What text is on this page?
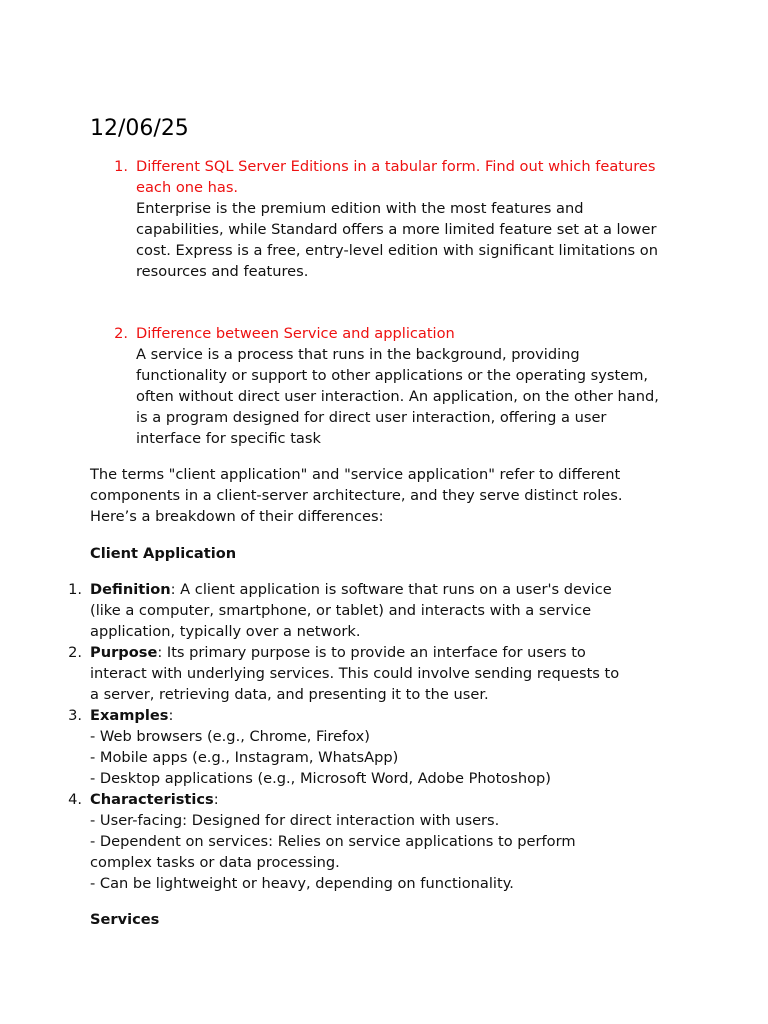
12/06/25
1. Different SQL Server Editions in a tabular form. Find out which features
each one has.
Enterprise is the premium edition with the most features and
capabilities, while Standard offers a more limited feature set at a lower
cost. Express is a free, entry-level edition with significant limitations on
resources and features.
2. Difference between Service and application
A service is a process that runs in the background, providing
functionality or support to other applications or the operating system,
often without direct user interaction. An application, on the other hand,
is a program designed for direct user interaction, offering a user
interface for specific task
The terms "client application" and "service application" refer to different
components in a client-server architecture, and they serve distinct roles.
Here’s a breakdown of their differences:
Client Application
1. Definition: A client application is software that runs on a user's device
(like a computer, smartphone, or tablet) and interacts with a service
application, typically over a network.
2. Purpose: Its primary purpose is to provide an interface for users to
interact with underlying services. This could involve sending requests to
a server, retrieving data, and presenting it to the user.
3. Examples:
- Web browsers (e.g., Chrome, Firefox)
- Mobile apps (e.g., Instagram, WhatsApp)
- Desktop applications (e.g., Microsoft Word, Adobe Photoshop)
4. Characteristics:
- User-facing: Designed for direct interaction with users.
- Dependent on services: Relies on service applications to perform
complex tasks or data processing.
- Can be lightweight or heavy, depending on functionality.
Services
